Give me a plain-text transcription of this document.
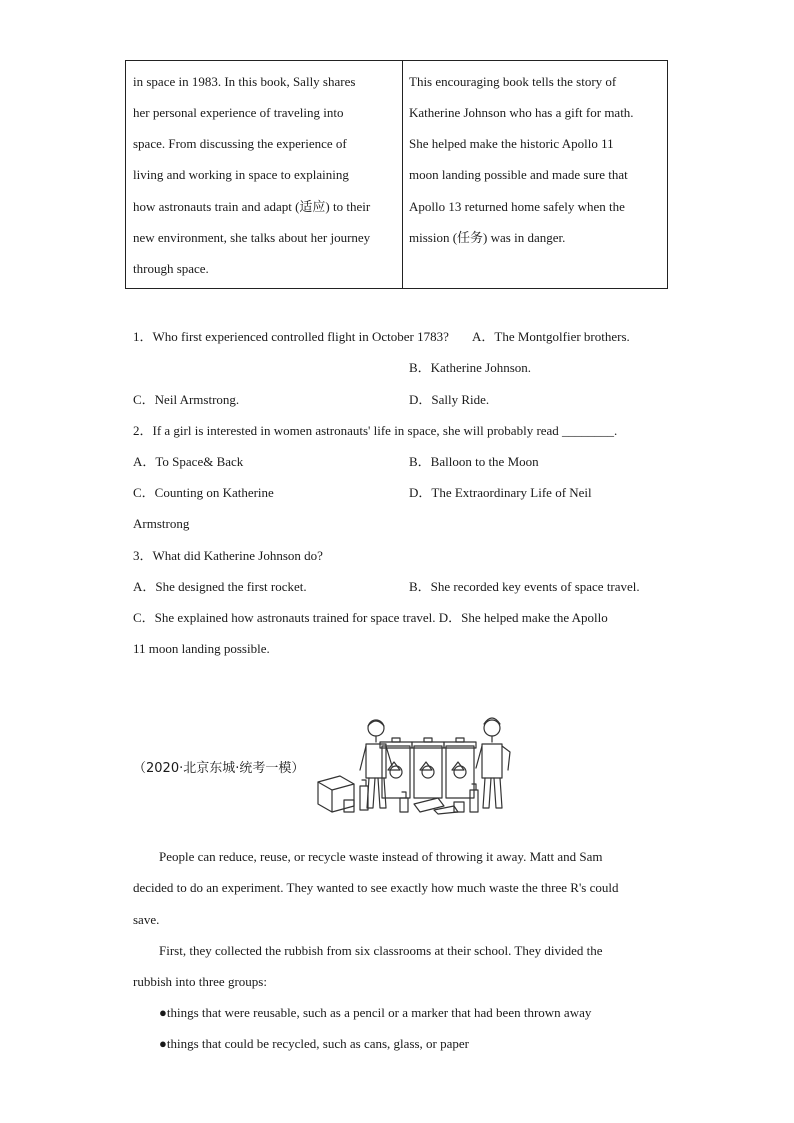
in space in 1983. In this book, Sally shares
her personal experience of traveling into
space. From discussing the experience of
living and working in space to explaining
how astronauts train and adapt (适应) to their
new environment, she talks about her journey
through space.
This encouraging book tells the story of
Katherine Johnson who has a gift for math.
She helped make the historic Apollo 11
moon landing possible and made sure that
Apollo 13 returned home safely when the
mission (任务) was in danger.
1．Who first experienced controlled flight in October 1783? A．The Montgolfier brothers.
B．Katherine Johnson.
C．Neil Armstrong.	D．Sally Ride.
2．If a girl is interested in women astronauts' life in space, she will probably read ________.
A．To Space& Back	B．Balloon to the Moon
C．Counting on Katherine	D．The Extraordinary Life of Neil
Armstrong
3．What did Katherine Johnson do?
A．She designed the first rocket.	B．She recorded key events of space travel.
C．She explained how astronauts trained for space travel. D．She helped make the Apollo
11 moon landing possible.
（2020·北京东城·统考一模）
People can reduce, reuse, or recycle waste instead of throwing it away. Matt and Sam
decided to do an experiment. They wanted to see exactly how much waste the three R's could
save.
First, they collected the rubbish from six classrooms at their school. They divided the
rubbish into three groups:
●things that were reusable, such as a pencil or a marker that had been thrown away
●things that could be recycled, such as cans, glass, or paper
